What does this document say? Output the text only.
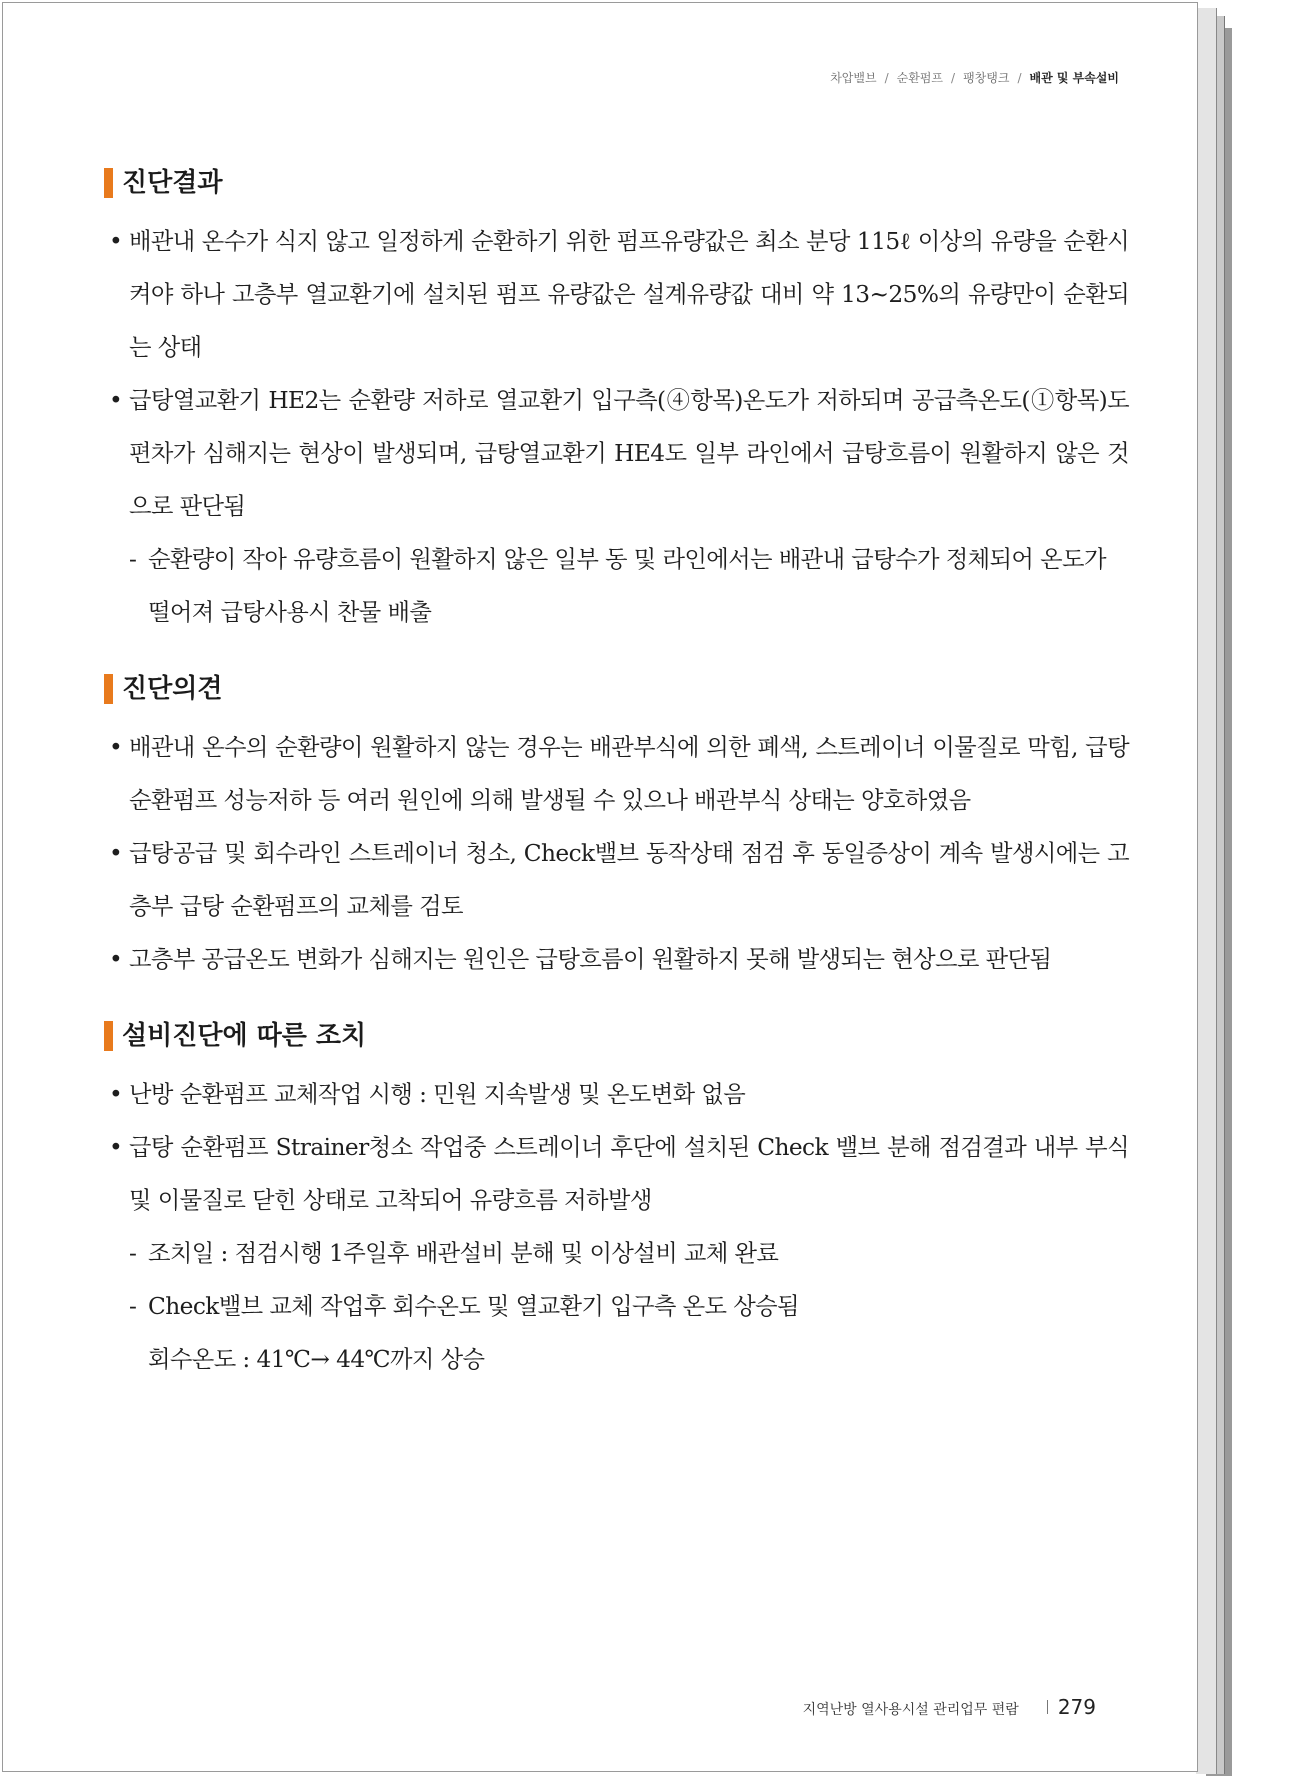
차압밸브 / 순환펌프 / 팽창탱크 / 배관 및 부속설비
진단결과
• 배관내 온수가 식지 않고 일정하게 순환하기 위한 펌프유량값은 최소 분당 115ℓ 이상의 유량을 순환시켜야 하나 고층부 열교환기에 설치된 펌프 유량값은 설계유량값 대비 약 13~25%의 유량만이 순환되는 상태
• 급탕열교환기 HE2는 순환량 저하로 열교환기 입구측(④항목)온도가 저하되며 공급측온도(①항목)도 편차가 심해지는 현상이 발생되며, 급탕열교환기 HE4도 일부 라인에서 급탕흐름이 원활하지 않은 것으로 판단됨
- 순환량이 작아 유량흐름이 원활하지 않은 일부 동 및 라인에서는 배관내 급탕수가 정체되어 온도가 떨어져 급탕사용시 찬물 배출
진단의견
• 배관내 온수의 순환량이 원활하지 않는 경우는 배관부식에 의한 폐색, 스트레이너 이물질로 막힘, 급탕순환펌프 성능저하 등 여러 원인에 의해 발생될 수 있으나 배관부식 상태는 양호하였음
• 급탕공급 및 회수라인 스트레이너 청소, Check밸브 동작상태 점검 후 동일증상이 계속 발생시에는 고층부 급탕 순환펌프의 교체를 검토
• 고층부 공급온도 변화가 심해지는 원인은 급탕흐름이 원활하지 못해 발생되는 현상으로 판단됨
설비진단에 따른 조치
• 난방 순환펌프 교체작업 시행 : 민원 지속발생 및 온도변화 없음
• 급탕 순환펌프 Strainer청소 작업중 스트레이너 후단에 설치된 Check 밸브 분해 점검결과 내부 부식 및 이물질로 닫힌 상태로 고착되어 유량흐름 저하발생
- 조치일 : 점검시행 1주일후 배관설비 분해 및 이상설비 교체 완료
- Check밸브 교체 작업후 회수온도 및 열교환기 입구측 온도 상승됨
회수온도 : 41℃→ 44℃까지 상승
지역난방 열사용시설 관리업무 편람 279
